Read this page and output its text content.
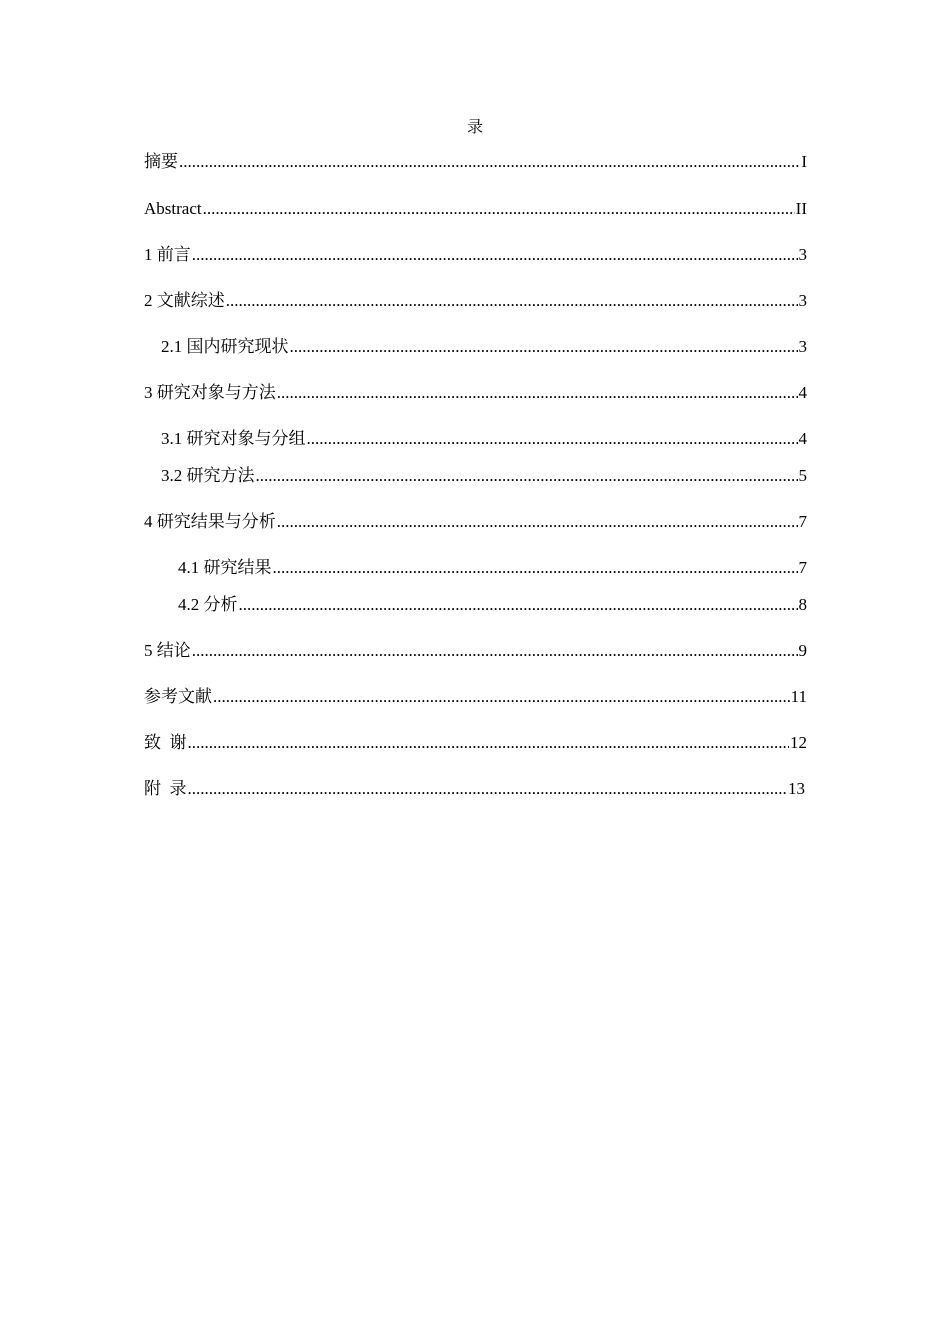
录
摘要 .....	I
Abstract .....	II
1 前言 .....	3
2 文献综述 .....	3
2.1 国内研究现状 .....	3
3 研究对象与方法 .....	4
3.1 研究对象与分组 .....	4
3.2 研究方法 .....	5
4 研究结果与分析 .....	7
4.1 研究结果 .....	7
4.2 分析 .....	8
5 结论 .....	9
参考文献 .....	11
致  谢 .....	12
附  录 .....	13
